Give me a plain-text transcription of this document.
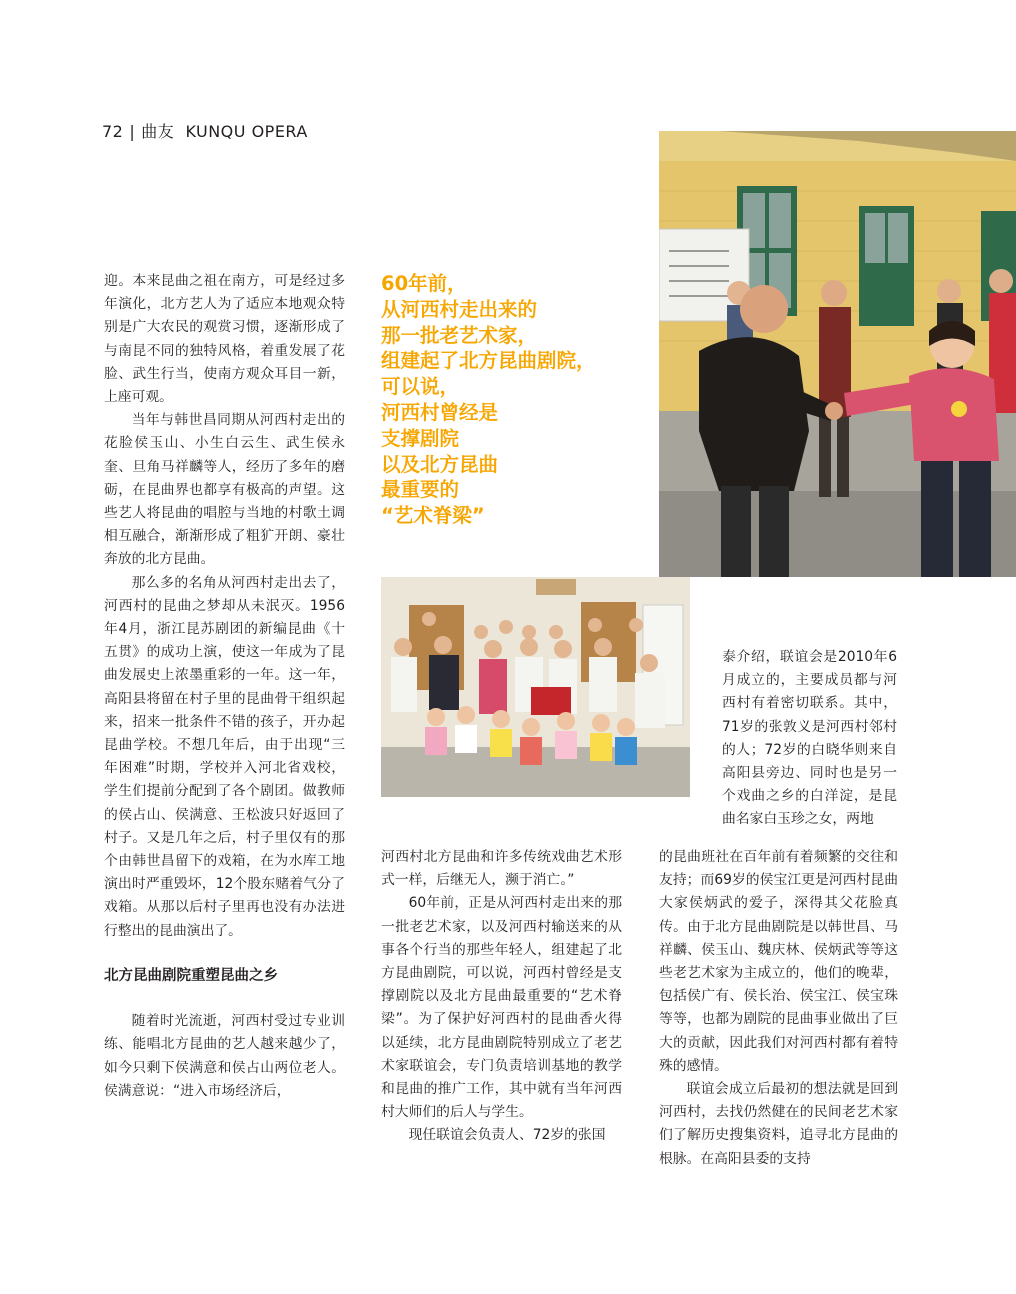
72 | 曲友 KUNQU OPERA
60年前，
从河西村走出来的
那一批老艺术家，
组建起了北方昆曲剧院，
可以说，
河西村曾经是
支撑剧院
以及北方昆曲
最重要的
“艺术脊梁”

迎。本来昆曲之祖在南方，可是经过多年演化，北方艺人为了适应本地观众特别是广大农民的观赏习惯，逐渐形成了与南昆不同的独特风格，着重发展了花脸、武生行当，使南方观众耳目一新，上座可观。

当年与韩世昌同期从河西村走出的花脸侯玉山、小生白云生、武生侯永奎、旦角马祥麟等人，经历了多年的磨砺，在昆曲界也都享有极高的声望。这些艺人将昆曲的唱腔与当地的村歌土调相互融合，渐渐形成了粗犷开朗、豪壮奔放的北方昆曲。

那么多的名角从河西村走出去了，河西村的昆曲之梦却从未泯灭。1956年4月，浙江昆苏剧团的新编昆曲《十五贯》的成功上演，使这一年成为了昆曲发展史上浓墨重彩的一年。这一年，高阳县将留在村子里的昆曲骨干组织起来，招来一批条件不错的孩子，开办起昆曲学校。不想几年后，由于出现“三年困难”时期，学校并入河北省戏校，学生们提前分配到了各个剧团。做教师的侯占山、侯满意、王松波只好返回了村子。又是几年之后，村子里仅有的那个由韩世昌留下的戏箱，在为水库工地演出时严重毁坏，12个股东赌着气分了戏箱。从那以后村子里再也没有办法进行整出的昆曲演出了。

北方昆曲剧院重塑昆曲之乡

随着时光流逝，河西村受过专业训练、能唱北方昆曲的艺人越来越少了，如今只剩下侯满意和侯占山两位老人。侯满意说：“进入市场经济后，

河西村北方昆曲和许多传统戏曲艺术形式一样，后继无人，濒于消亡。”

60年前，正是从河西村走出来的那一批老艺术家，以及河西村输送来的从事各个行当的那些年轻人，组建起了北方昆曲剧院，可以说，河西村曾经是支撑剧院以及北方昆曲最重要的“艺术脊梁”。为了保护好河西村的昆曲香火得以延续，北方昆曲剧院特别成立了老艺术家联谊会，专门负责培训基地的教学和昆曲的推广工作，其中就有当年河西村大师们的后人与学生。

现任联谊会负责人、72岁的张国

泰介绍，联谊会是2010年6月成立的，主要成员都与河西村有着密切联系。其中，71岁的张敦义是河西村邻村的人；72岁的白晓华则来自高阳县旁边、同时也是另一个戏曲之乡的白洋淀，是昆曲名家白玉珍之女，两地

的昆曲班社在百年前有着频繁的交往和友持；而69岁的侯宝江更是河西村昆曲大家侯炳武的爱子，深得其父花脸真传。由于北方昆曲剧院是以韩世昌、马祥麟、侯玉山、魏庆林、侯炳武等等这些老艺术家为主成立的，他们的晚辈，包括侯广有、侯长治、侯宝江、侯宝珠等等，也都为剧院的昆曲事业做出了巨大的贡献，因此我们对河西村都有着特殊的感情。

联谊会成立后最初的想法就是回到河西村，去找仍然健在的民间老艺术家们了解历史搜集资料，追寻北方昆曲的根脉。在高阳县委的支持
